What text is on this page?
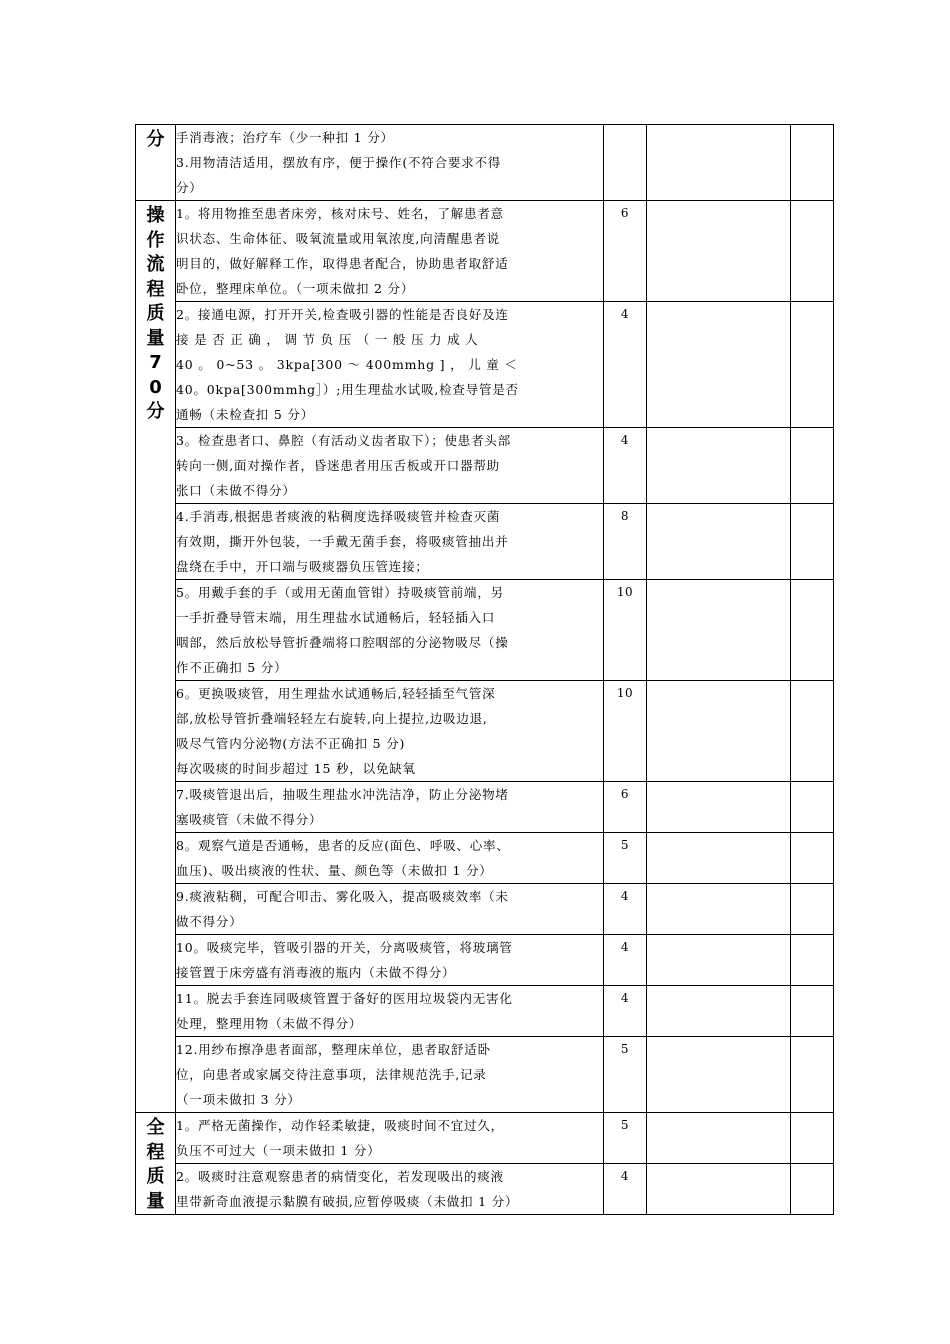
分	手消毒液；治疗车（少一种扣 1 分）
3.用物清洁适用，摆放有序，便于操作(不符合要求不得
分）			

操作流程质量70分	1。将用物推至患者床旁，核对床号、姓名，了解患者意
识状态、生命体征、吸氧流量或用氧浓度,向清醒患者说
明目的，做好解释工作，取得患者配合，协助患者取舒适
卧位，整理床单位。（一项未做扣 2 分）	6		

	2。接通电源，打开开关,检查吸引器的性能是否良好及连
接 是 否 正 确 ， 调 节 负 压 （ 一 般 压 力 成 人
40 。 0~53 。 3kpa[300 ～ 400mmhg ] ， 儿 童 ＜
40。0kpa[300mmhg］）;用生理盐水试吸,检查导管是否
通畅（未检查扣 5 分）	4		

	3。检查患者口、鼻腔（有活动义齿者取下）；使患者头部
转向一侧,面对操作者，昏迷患者用压舌板或开口器帮助
张口（未做不得分）	4		

	4.手消毒,根据患者痰液的粘稠度选择吸痰管并检查灭菌
有效期，撕开外包装，一手戴无菌手套，将吸痰管抽出并
盘绕在手中，开口端与吸痰器负压管连接；	8		

	5。用戴手套的手（或用无菌血管钳）持吸痰管前端，另
一手折叠导管末端，用生理盐水试通畅后，轻轻插入口
咽部，然后放松导管折叠端将口腔咽部的分泌物吸尽（操
作不正确扣 5 分）	10		

	6。更换吸痰管，用生理盐水试通畅后,轻轻插至气管深
部,放松导管折叠端轻轻左右旋转,向上提拉,边吸边退,
吸尽气管内分泌物(方法不正确扣 5 分)
每次吸痰的时间步超过 15 秒，以免缺氧	10		

	7.吸痰管退出后，抽吸生理盐水冲洗洁净，防止分泌物堵
塞吸痰管（未做不得分）	6		

	8。观察气道是否通畅，患者的反应(面色、呼吸、心率、
血压)、吸出痰液的性状、量、颜色等（未做扣 1 分）	5		

	9.痰液粘稠，可配合叩击、雾化吸入，提高吸痰效率（未
做不得分）	4		

	10。吸痰完毕，管吸引器的开关，分离吸痰管，将玻璃管
接管置于床旁盛有消毒液的瓶内（未做不得分）	4		

	11。脱去手套连同吸痰管置于备好的医用垃圾袋内无害化
处理，整理用物（未做不得分）	4		

	12.用纱布擦净患者面部，整理床单位，患者取舒适卧
位，向患者或家属交待注意事项，法律规范洗手,记录
（一项未做扣 3 分）	5		

全程质量	1。严格无菌操作，动作轻柔敏捷，吸痰时间不宜过久，
负压不可过大（一项未做扣 1 分）	5		

	2。吸痰时注意观察患者的病情变化，若发现吸出的痰液
里带新奇血液提示黏膜有破损,应暂停吸痰（未做扣 1 分）	4		
